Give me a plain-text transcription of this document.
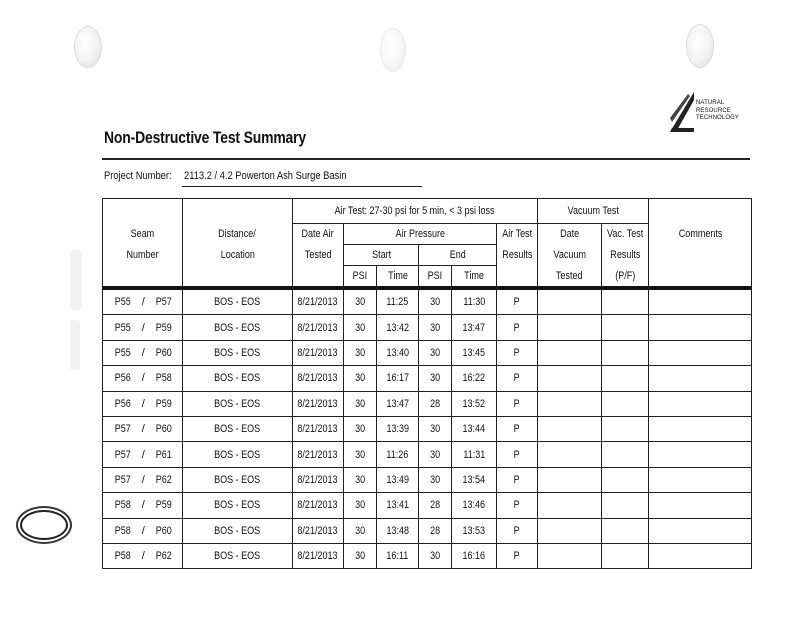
NATURAL
RESOURCE
TECHNOLOGY
Non-Destructive Test Summary
Project Number: 2113.2 / 4.2 Powerton Ash Surge Basin
		Air Test: 27-30 psi for 5 min, < 3 psi loss						Vacuum Test		
Seam	Distance/	Date Air	Air Pressure				Air Test	Date	Vac. Test	Comments
Number	Location	Tested	Start		End		Results	Vacuum	Results	
			PSI	Time	PSI	Time		Tested	(P/F)	
P55   /   P57	BOS - EOS	8/21/2013	30	11:25	30	11:30	P			
P55   /   P59	BOS - EOS	8/21/2013	30	13:42	30	13:47	P			
P55   /   P60	BOS - EOS	8/21/2013	30	13:40	30	13:45	P			
P56   /   P58	BOS - EOS	8/21/2013	30	16:17	30	16:22	P			
P56   /   P59	BOS - EOS	8/21/2013	30	13:47	28	13:52	P			
P57   /   P60	BOS - EOS	8/21/2013	30	13:39	30	13:44	P			
P57   /   P61	BOS - EOS	8/21/2013	30	11:26	30	11:31	P			
P57   /   P62	BOS - EOS	8/21/2013	30	13:49	30	13:54	P			
P58   /   P59	BOS - EOS	8/21/2013	30	13:41	28	13:46	P			
P58   /   P60	BOS - EOS	8/21/2013	30	13:48	28	13:53	P			
P58   /   P62	BOS - EOS	8/21/2013	30	16:11	30	16:16	P			
